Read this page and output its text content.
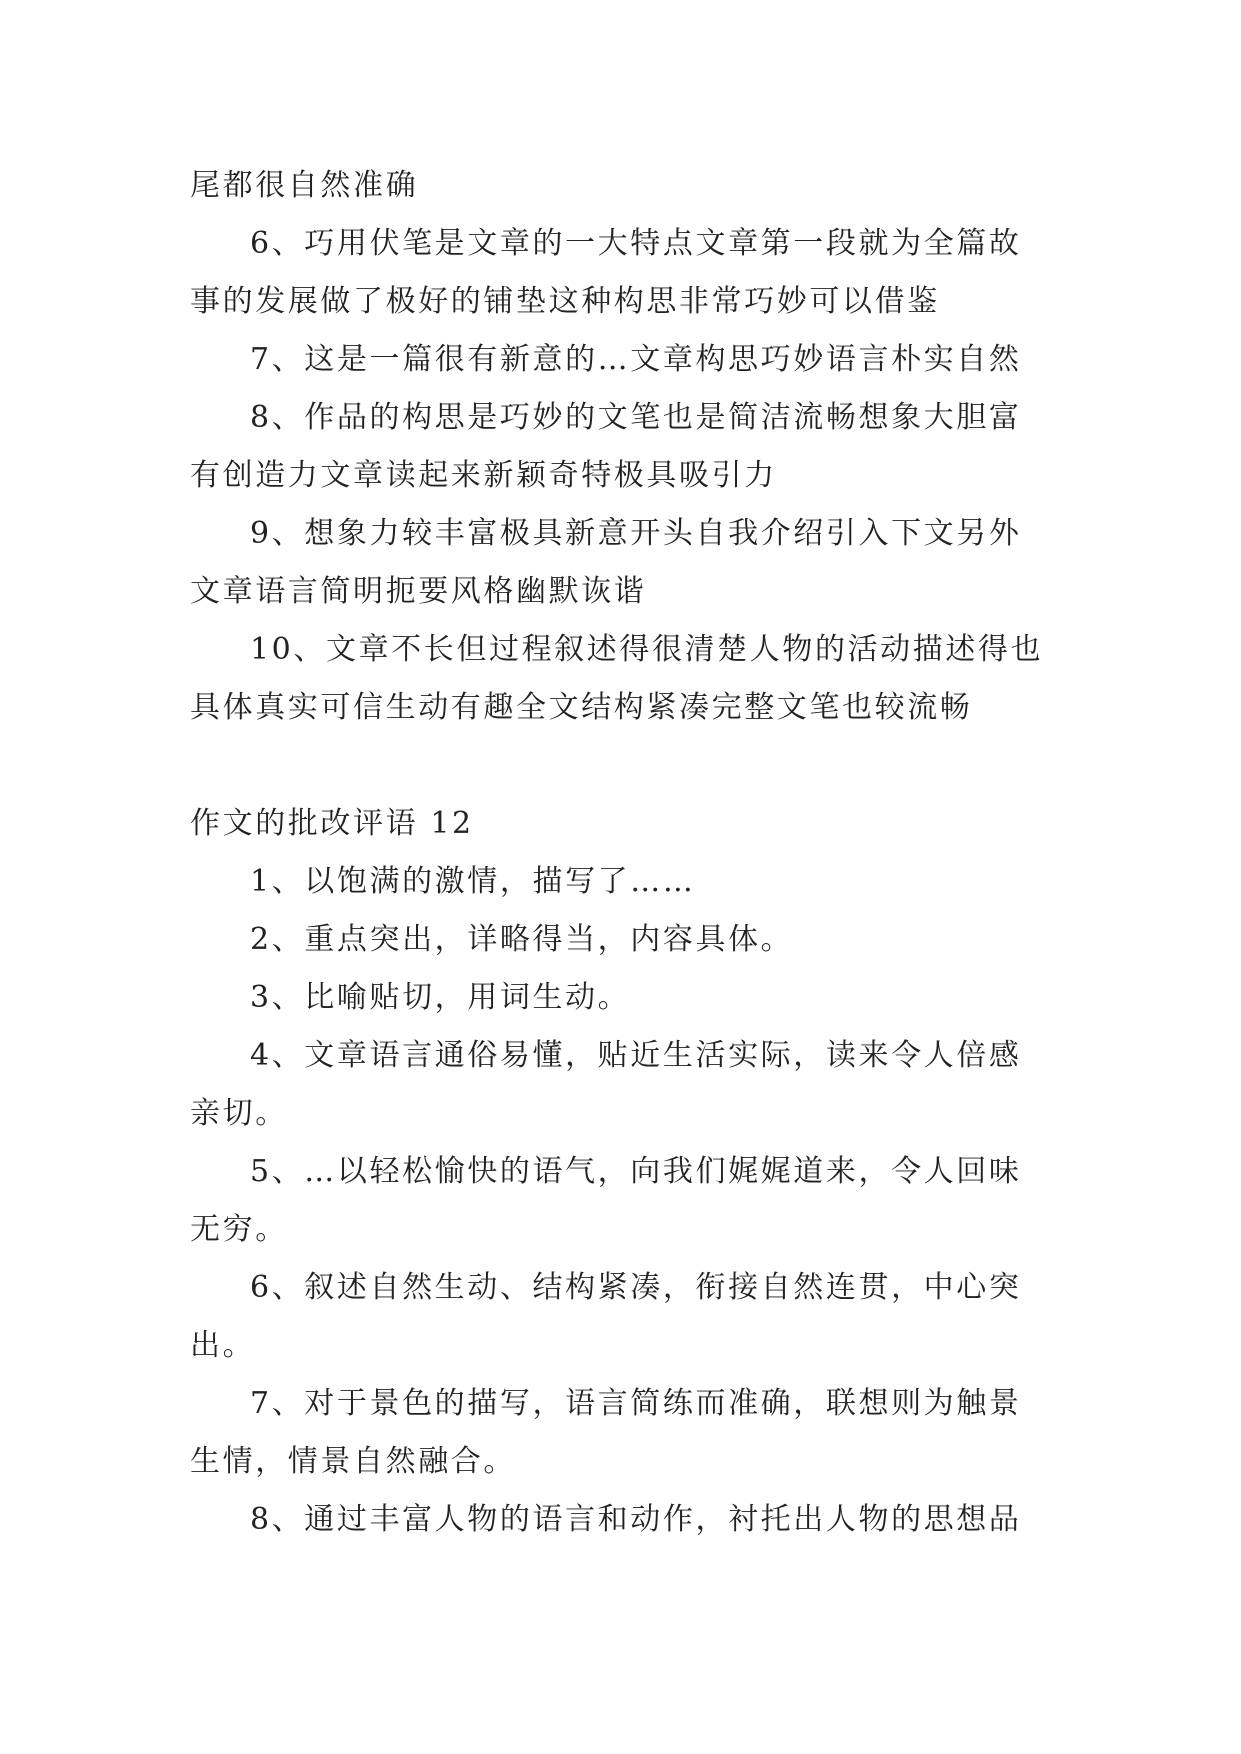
尾都很自然准确

6、巧用伏笔是文章的一大特点文章第一段就为全篇故事的发展做了极好的铺垫这种构思非常巧妙可以借鉴

7、这是一篇很有新意的…文章构思巧妙语言朴实自然

8、作品的构思是巧妙的文笔也是简洁流畅想象大胆富有创造力文章读起来新颖奇特极具吸引力

9、想象力较丰富极具新意开头自我介绍引入下文另外文章语言简明扼要风格幽默诙谐

10、文章不长但过程叙述得很清楚人物的活动描述得也具体真实可信生动有趣全文结构紧凑完整文笔也较流畅

作文的批改评语 12

1、以饱满的激情，描写了……

2、重点突出，详略得当，内容具体。

3、比喻贴切，用词生动。

4、文章语言通俗易懂，贴近生活实际，读来令人倍感亲切。

5、…以轻松愉快的语气，向我们娓娓道来，令人回味无穷。

6、叙述自然生动、结构紧凑，衔接自然连贯，中心突出。

7、对于景色的描写，语言简练而准确，联想则为触景生情，情景自然融合。

8、通过丰富人物的语言和动作，衬托出人物的思想品
